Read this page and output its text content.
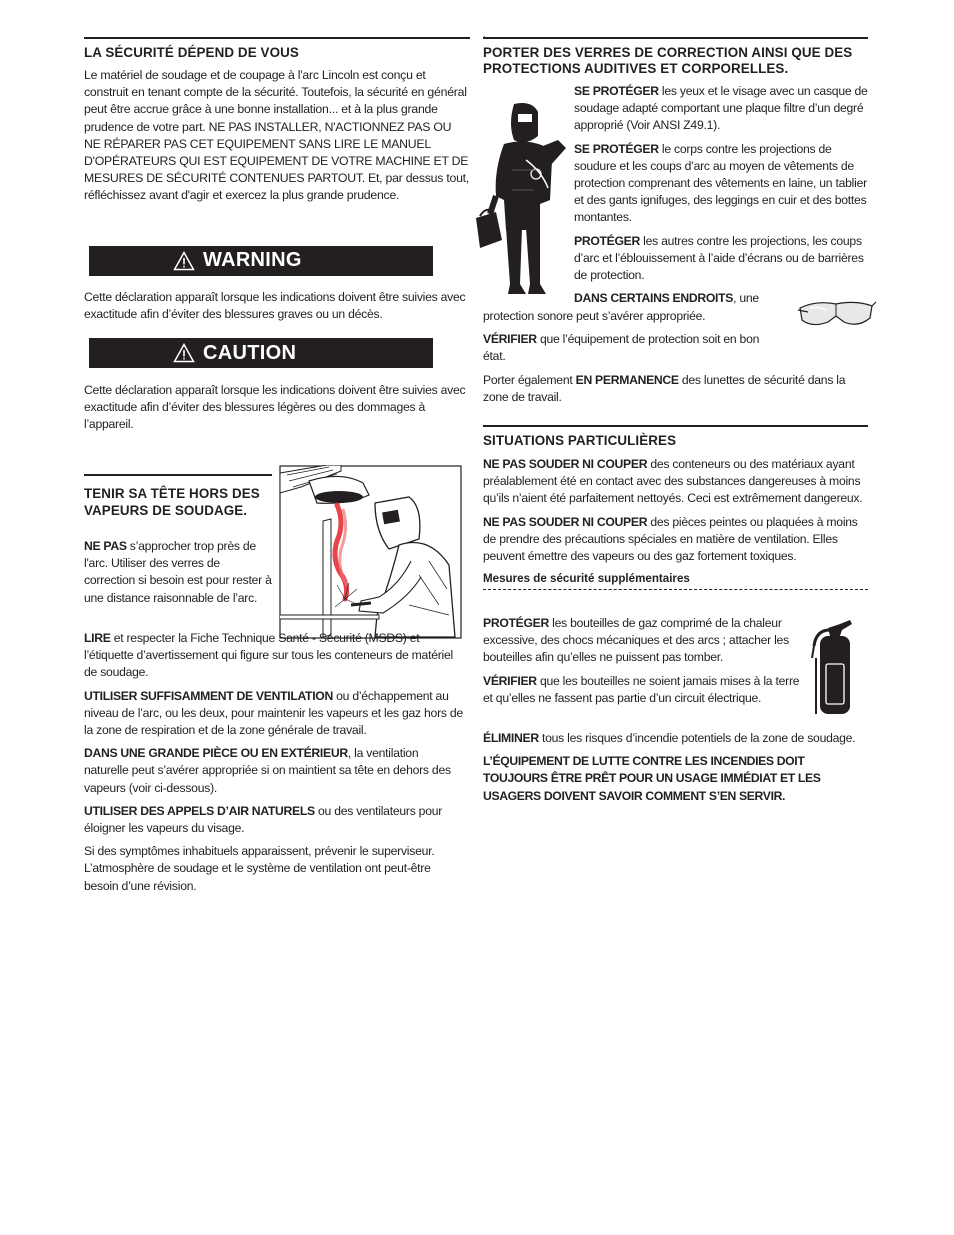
.
LA SÉCURITÉ DÉPEND DE VOUS

Le matériel de soudage et de coupage à l'arc Lincoln est conçu et construit en tenant compte de la sécurité. Toutefois, la sécurité en général peut être accrue grâce à une bonne installation... et à la plus grande prudence de votre part. NE PAS INSTALLER, N'ACTIONNEZ PAS OU NE RÉPARER PAS CET EQUIPEMENT SANS LIRE LE MANUEL D'OPÉRATEURS QUI EST EQUIPEMENT DE VOTRE MACHINE ET DE MESURES DE SÉCURITÉ CONTENUES PARTOUT. Et, par dessus tout, réfléchissez avant d'agir et exercez la plus grande prudence.

WARNING

Cette déclaration apparaît lorsque les indications doivent être suivies avec exactitude afin d’éviter des blessures graves ou un décès.

CAUTION

Cette déclaration apparaît lorsque les indications doivent être suivies avec exactitude afin d’éviter des blessures légères ou des dommages à l’appareil.

TENIR SA TÊTE HORS DES VAPEURS DE SOUDAGE.

NE PAS s’approcher trop près de l'arc. Utiliser des verres de correction si besoin est pour rester à une distance raisonnable de l’arc.

LIRE et respecter la Fiche Technique Santé - Sécurité (MSDS) et l’étiquette d’avertissement qui figure sur tous les conteneurs de matériel de soudage.

UTILISER SUFFISAMMENT DE VENTILATION ou d’échappement au niveau de l’arc, ou les deux, pour maintenir les vapeurs et les gaz hors de la zone de respiration et de la zone générale de travail.

DANS UNE GRANDE PIÈCE OU EN EXTÉRIEUR, la ventilation naturelle peut s’avérer appropriée si on maintient sa tête en dehors des vapeurs (voir ci-dessous).

UTILISER DES APPELS D’AIR NATURELS ou des ventilateurs pour éloigner les vapeurs du visage.

Si des symptômes inhabituels apparaissent, prévenir le superviseur. L’atmosphère de soudage et le système de ventilation ont peut-être besoin d’une révision.

PORTER DES VERRES DE CORRECTION AINSI QUE DES PROTECTIONS AUDITIVES ET CORPORELLES.

SE PROTÉGER les yeux et le visage avec un casque de soudage adapté comportant une plaque filtre d’un degré approprié (Voir ANSI Z49.1).

SE PROTÉGER le corps contre les projections de soudure et les coups d’arc au moyen de vêtements de protection comprenant des vêtements en laine, un tablier et des gants ignifuges, des leggings en cuir et des bottes montantes.

PROTÉGER les autres contre les projections, les coups d’arc et l’éblouissement à l’aide d’écrans ou de barrières de protection.

DANS CERTAINS ENDROITS, une

protection sonore peut s’avérer appropriée.

VÉRIFIER que l’équipement de protection soit en bon état.

Porter également EN PERMANENCE des lunettes de sécurité dans la zone de travail.

SITUATIONS PARTICULIÈRES

NE PAS SOUDER NI COUPER des conteneurs ou des matériaux ayant préalablement été en contact avec des substances dangereuses à moins qu’ils n’aient été parfaitement nettoyés. Ceci est extrêmement dangereux.

NE PAS SOUDER NI COUPER des pièces peintes ou plaquées à moins de prendre des précautions spéciales en matière de ventilation. Elles peuvent émettre des vapeurs ou des gaz fortement toxiques.

Mesures de sécurité supplémentaires

PROTÉGER les bouteilles de gaz comprimé de la chaleur excessive, des chocs mécaniques et des arcs ; attacher les bouteilles afin qu’elles ne puissent pas tomber.

VÉRIFIER que les bouteilles ne soient jamais mises à la terre et qu’elles ne fassent pas partie d’un circuit électrique.

ÉLIMINER tous les risques d’incendie potentiels de la zone de soudage.

L’ÉQUIPEMENT DE LUTTE CONTRE LES INCENDIES DOIT TOUJOURS ÊTRE PRÊT POUR UN USAGE IMMÉDIAT ET LES USAGERS DOIVENT SAVOIR COMMENT S’EN SERVIR.
